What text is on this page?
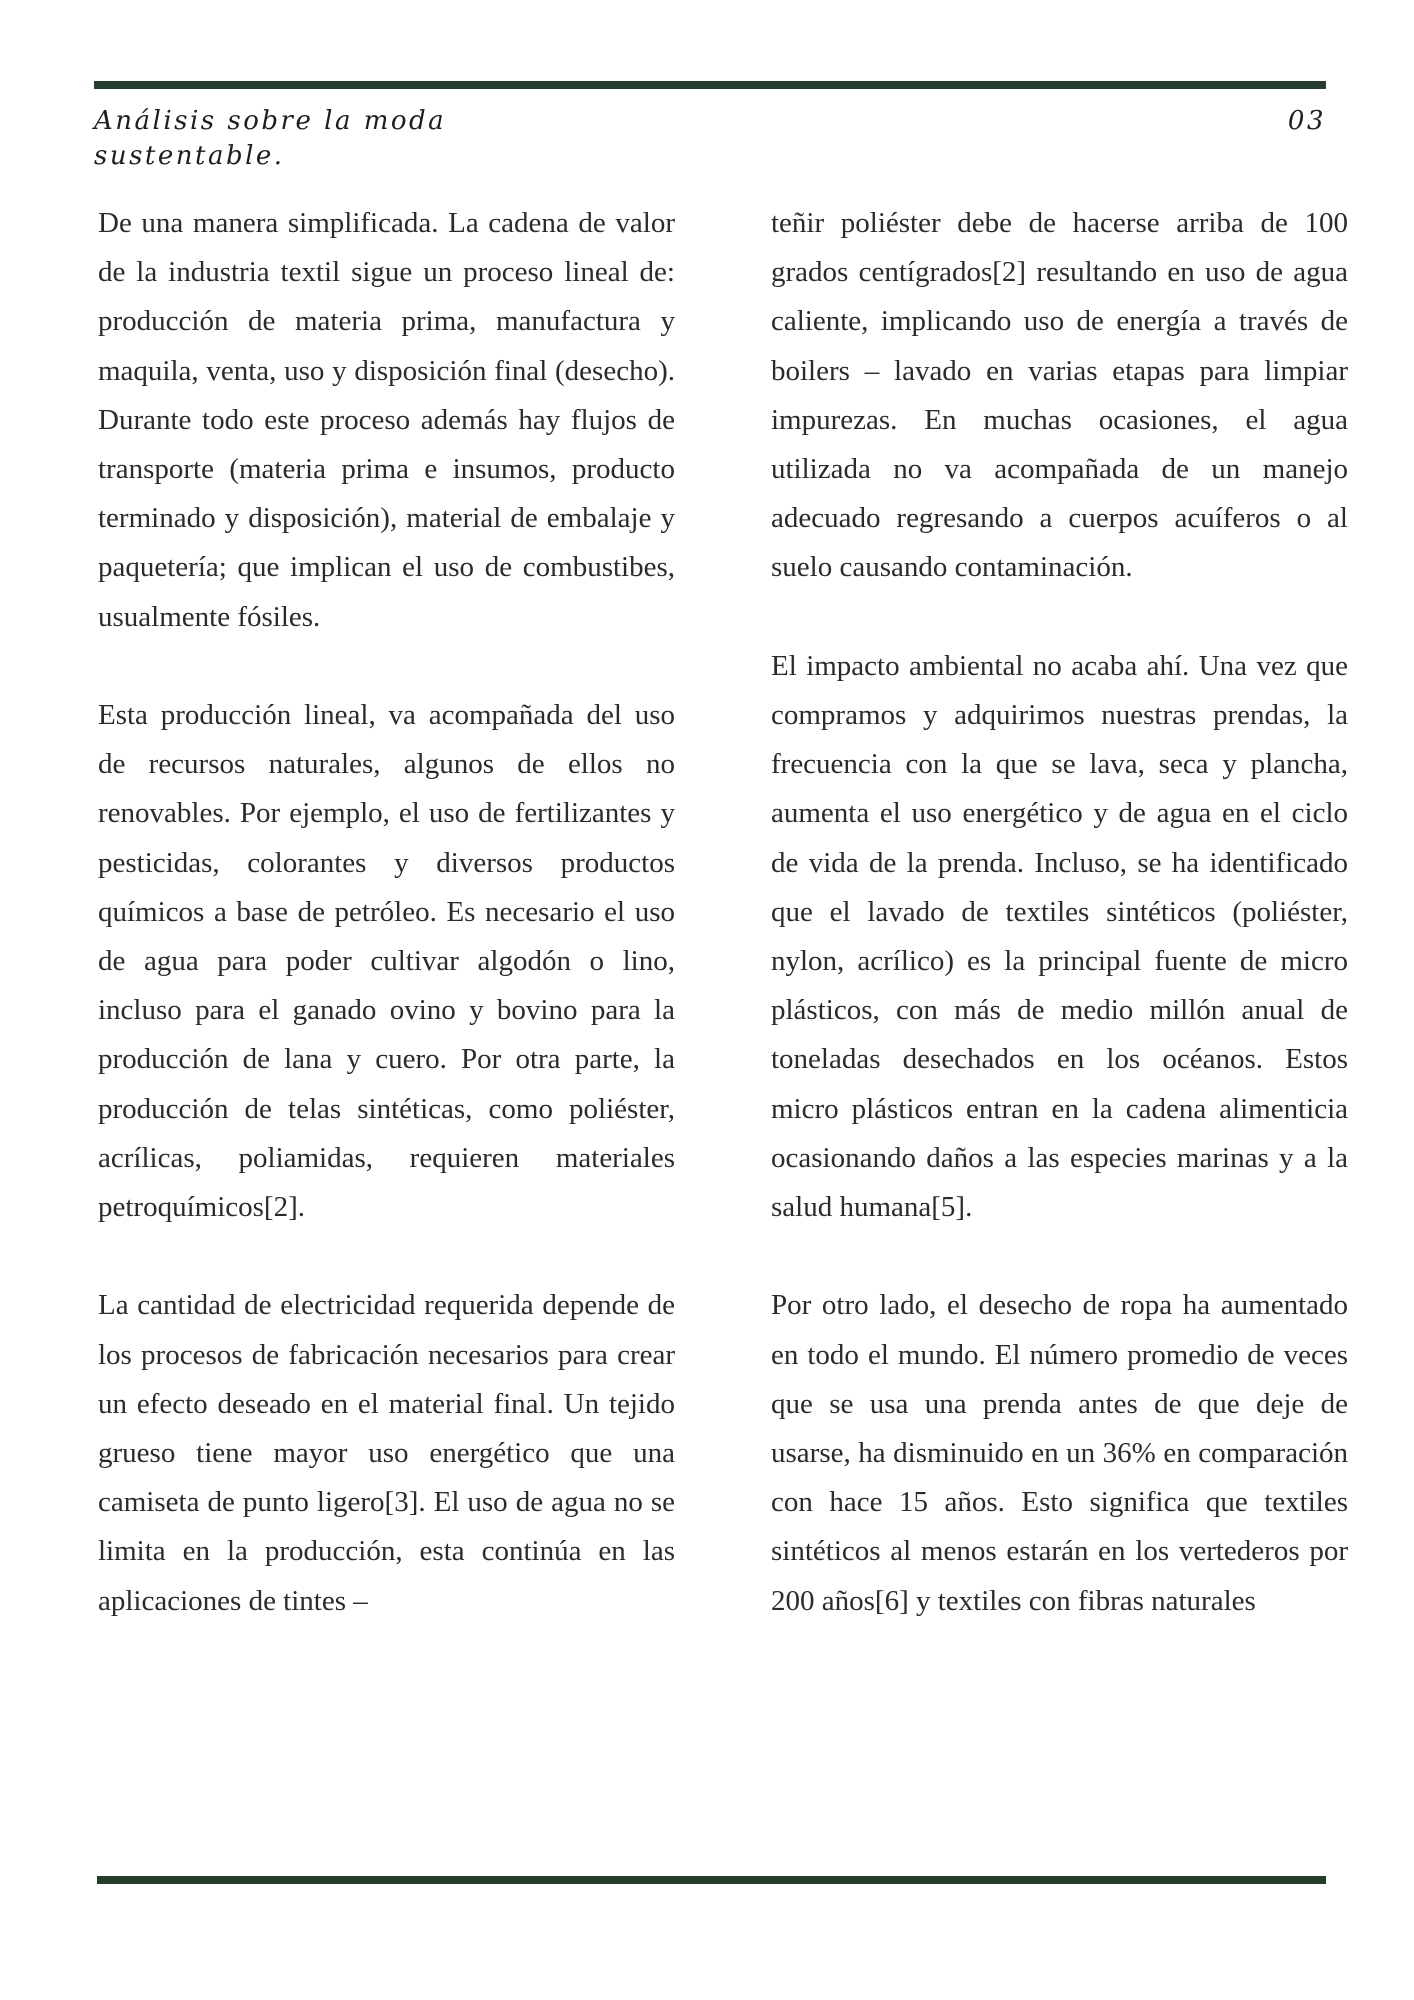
Análisis sobre la moda sustentable.
03

De una manera simplificada. La cadena de valor de la industria textil sigue un proceso lineal de: producción de materia prima, manufactura y maquila, venta, uso y disposición final (desecho). Durante todo este proceso además hay flujos de transporte (materia prima e insumos, producto terminado y disposición), material de embalaje y paquetería; que implican el uso de combustibes, usualmente fósiles.

Esta producción lineal, va acompañada del uso de recursos naturales, algunos de ellos no renovables. Por ejemplo, el uso de fertilizantes y pesticidas, colorantes y diversos productos químicos a base de petróleo. Es necesario el uso de agua para poder cultivar algodón o lino, incluso para el ganado ovino y bovino para la producción de lana y cuero. Por otra parte, la producción de telas sintéticas, como poliéster, acrílicas, poliamidas, requieren materiales petroquímicos[2].

La cantidad de electricidad requerida depende de los procesos de fabricación necesarios para crear un efecto deseado en el material final. Un tejido grueso tiene mayor uso energético que una camiseta de punto ligero[3]. El uso de agua no se limita en la producción, esta continúa en las aplicaciones de tintes –

teñir poliéster debe de hacerse arriba de 100 grados centígrados[2] resultando en uso de agua caliente, implicando uso de energía a través de boilers – lavado en varias etapas para limpiar impurezas. En muchas ocasiones, el agua utilizada no va acompañada de un manejo adecuado regresando a cuerpos acuíferos o al suelo causando contaminación.

El impacto ambiental no acaba ahí. Una vez que compramos y adquirimos nuestras prendas, la frecuencia con la que se lava, seca y plancha, aumenta el uso energético y de agua en el ciclo de vida de la prenda. Incluso, se ha identificado que el lavado de textiles sintéticos (poliéster, nylon, acrílico) es la principal fuente de micro plásticos, con más de medio millón anual de toneladas desechados en los océanos. Estos micro plásticos entran en la cadena alimenticia ocasionando daños a las especies marinas y a la salud humana[5].

Por otro lado, el desecho de ropa ha aumentado en todo el mundo. El número promedio de veces que se usa una prenda antes de que deje de usarse, ha disminuido en un 36% en comparación con hace 15 años. Esto significa que textiles sintéticos al menos estarán en los vertederos por 200 años[6] y textiles con fibras naturales
